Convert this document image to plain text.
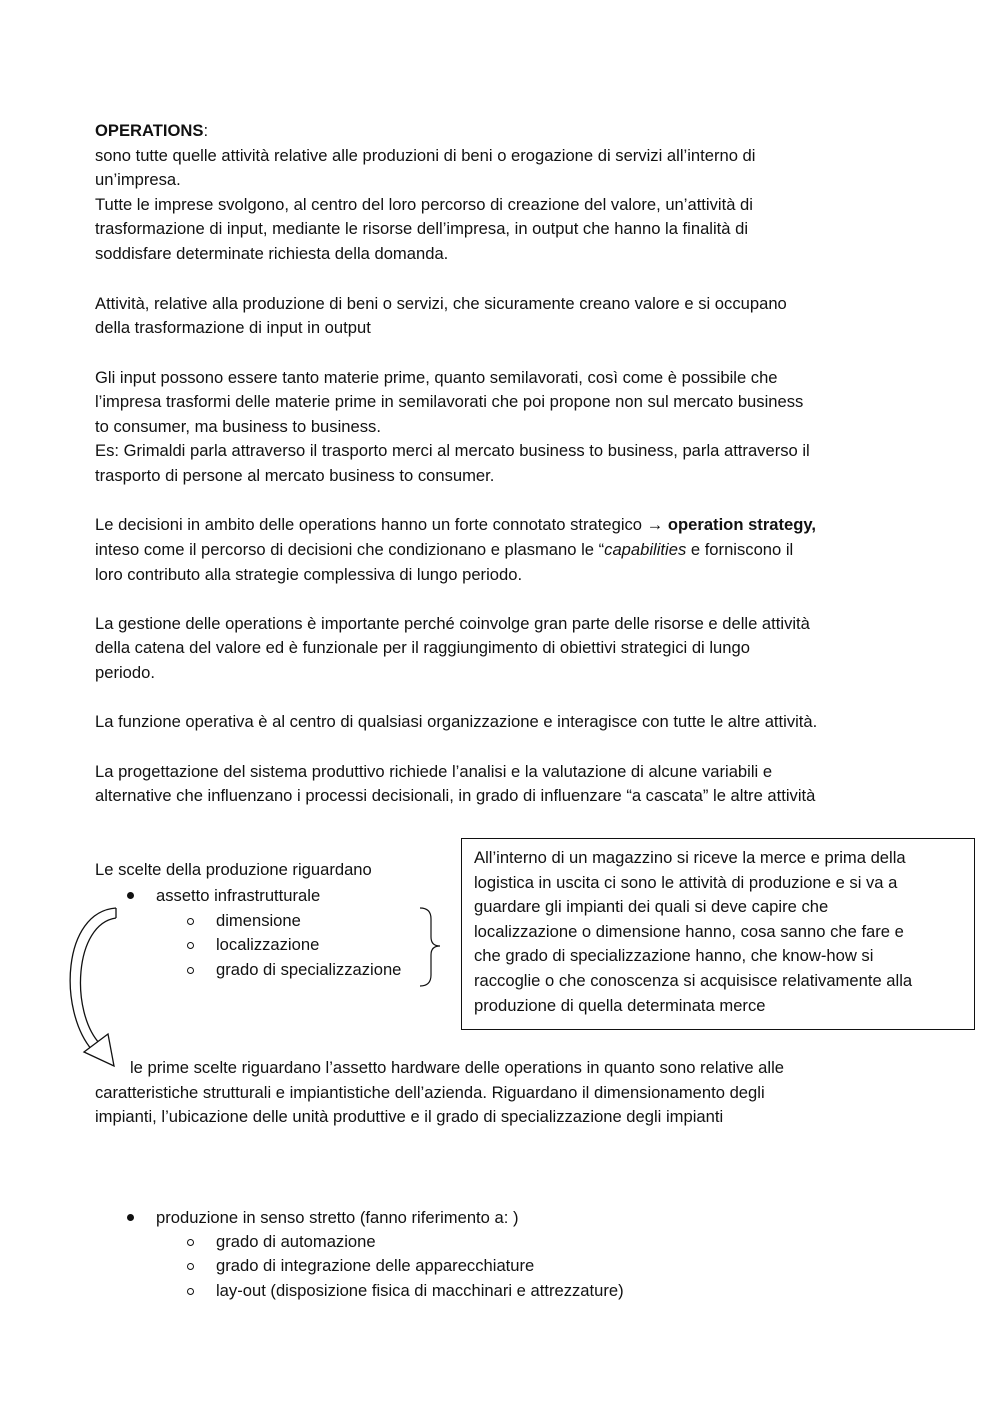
OPERATIONS:

sono tutte quelle attività relative alle produzioni di beni o erogazione di servizi all’interno di

un’impresa.

Tutte le imprese svolgono, al centro del loro percorso di creazione del valore, un’attività di

trasformazione di input, mediante le risorse dell’impresa, in output che hanno la finalità di

soddisfare determinate richiesta della domanda.

Attività, relative alla produzione di beni o servizi, che sicuramente creano valore e si occupano

della trasformazione di input in output

Gli input possono essere tanto materie prime, quanto semilavorati, così come è possibile che

l’impresa trasformi delle materie prime in semilavorati che poi propone non sul mercato business

to consumer, ma business to business.

Es: Grimaldi parla attraverso il trasporto merci al mercato business to business, parla attraverso il

trasporto di persone al mercato business to consumer.

Le decisioni in ambito delle operations hanno un forte connotato strategico → operation strategy,

inteso come il percorso di decisioni che condizionano e plasmano le “capabilities e forniscono il

loro contributo alla strategie complessiva di lungo periodo.

La gestione delle operations è importante perché coinvolge gran parte delle risorse e delle attività

della catena del valore ed è funzionale per il raggiungimento di obiettivi strategici di lungo

periodo.

La funzione operativa è al centro di qualsiasi organizzazione e interagisce con tutte le altre attività.

La progettazione del sistema produttivo richiede l’analisi e la valutazione di alcune variabili e

alternative che influenzano i processi decisionali, in grado di influenzare “a cascata” le altre attività

Le scelte della produzione riguardano

assetto infrastrutturale

dimensione

localizzazione

grado di specializzazione

All’interno di un magazzino si riceve la merce e prima della
logistica in uscita ci sono le attività di produzione e si va a
guardare gli impianti dei quali si deve capire che
localizzazione o dimensione hanno, cosa sanno che fare e
che grado di specializzazione hanno, che know-how si
raccoglie o che conoscenza si acquisisce relativamente alla
produzione di quella determinata merce

le prime scelte riguardano l’assetto hardware delle operations in quanto sono relative alle

caratteristiche strutturali e impiantistiche dell’azienda. Riguardano il dimensionamento degli

impianti, l’ubicazione delle unità produttive e il grado di specializzazione degli impianti

produzione in senso stretto (fanno riferimento a: )

grado di automazione

grado di integrazione delle apparecchiature

lay-out (disposizione fisica di macchinari e attrezzature)
